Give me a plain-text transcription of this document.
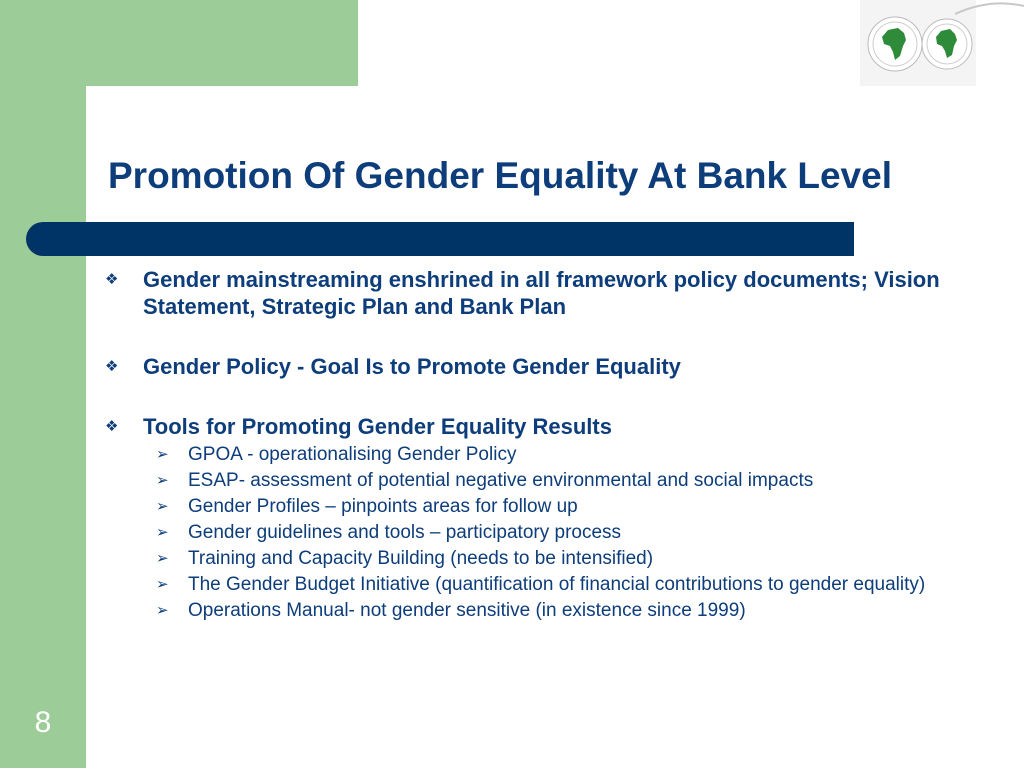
Promotion Of Gender Equality At Bank Level
❖ Gender mainstreaming enshrined in all framework policy documents; Vision Statement, Strategic Plan and Bank Plan
❖ Gender Policy - Goal Is to Promote Gender Equality
❖ Tools for Promoting Gender Equality Results
➢ GPOA - operationalising Gender Policy
➢ ESAP- assessment of potential negative environmental and social impacts
➢ Gender Profiles – pinpoints areas for follow up
➢ Gender guidelines and tools – participatory process
➢ Training and Capacity Building (needs to be intensified)
➢ The Gender Budget Initiative (quantification of financial contributions to gender equality)
➢ Operations Manual- not gender sensitive (in existence since 1999)
8
